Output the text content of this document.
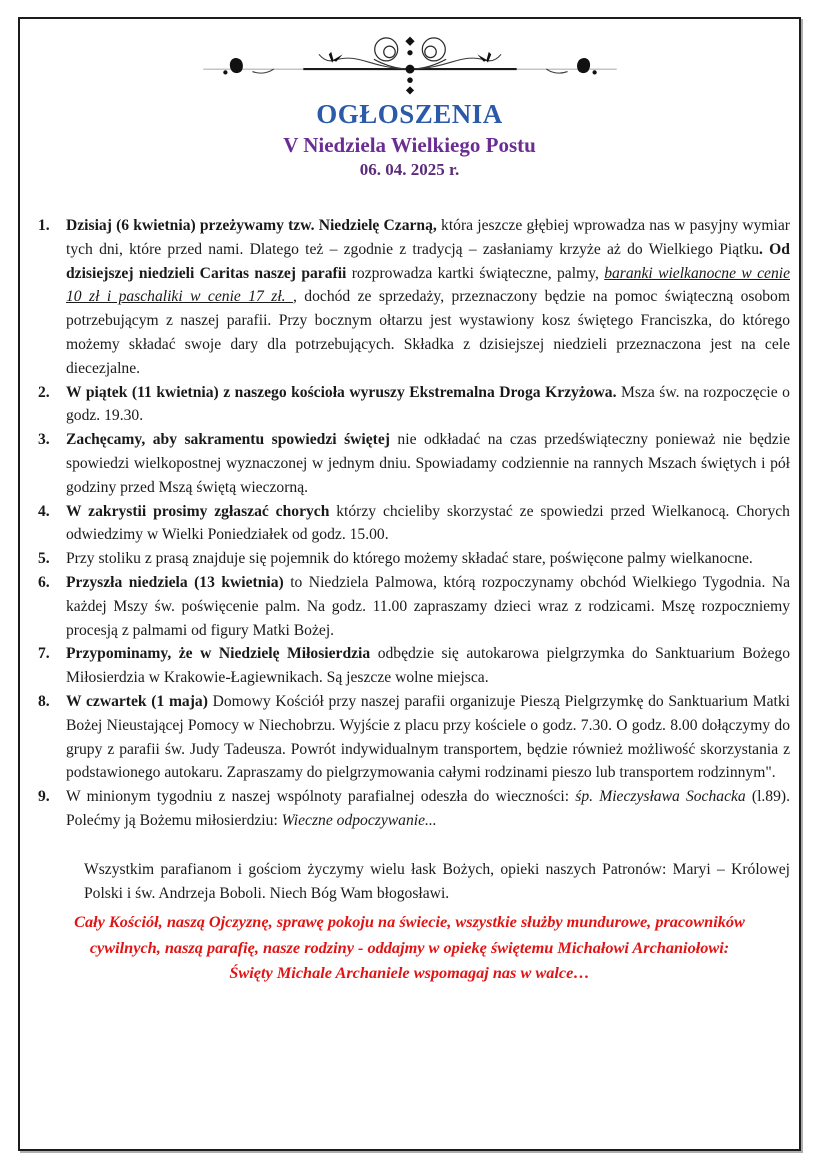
OGŁOSZENIA
V Niedziela Wielkiego Postu
06. 04. 2025 r.
1.	Dzisiaj (6 kwietnia) przeżywamy tzw. Niedzielę Czarną, która jeszcze głębiej wprowadza nas w pasyjny wymiar tych dni, które przed nami. Dlatego też – zgodnie z tradycją – zasłaniamy krzyże aż do Wielkiego Piątku. Od dzisiejszej niedzieli Caritas naszej parafii rozprowadza kartki świąteczne, palmy, baranki wielkanocne w cenie 10 zł i paschaliki w cenie 17 zł. , dochód ze sprzedaży, przeznaczony będzie na pomoc świąteczną osobom potrzebującym z naszej parafii. Przy bocznym ołtarzu jest wystawiony kosz świętego Franciszka, do którego możemy składać swoje dary dla potrzebujących. Składka z dzisiejszej niedzieli przeznaczona jest na cele diecezjalne.
2.	W piątek (11 kwietnia) z naszego kościoła wyruszy Ekstremalna Droga Krzyżowa. Msza św. na rozpoczęcie o godz. 19.30.
3.	Zachęcamy, aby sakramentu spowiedzi świętej nie odkładać na czas przedświąteczny ponieważ nie będzie spowiedzi wielkopostnej wyznaczonej w jednym dniu. Spowiadamy codziennie na rannych Mszach świętych i pół godziny przed Mszą świętą wieczorną.
4.	W zakrystii prosimy zgłaszać chorych którzy chcieliby skorzystać ze spowiedzi przed Wielkanocą. Chorych odwiedzimy w Wielki Poniedziałek od godz. 15.00.
5.	Przy stoliku z prasą znajduje się pojemnik do którego możemy składać stare, poświęcone palmy wielkanocne.
6.	Przyszła niedziela (13 kwietnia) to Niedziela Palmowa, którą rozpoczynamy obchód Wielkiego Tygodnia. Na każdej Mszy św. poświęcenie palm. Na godz. 11.00 zapraszamy dzieci wraz z rodzicami. Mszę rozpoczniemy procesją z palmami od figury Matki Bożej.
7.	Przypominamy, że w Niedzielę Miłosierdzia odbędzie się autokarowa pielgrzymka do Sanktuarium Bożego Miłosierdzia w Krakowie-Łagiewnikach. Są jeszcze wolne miejsca.
8.	W czwartek (1 maja) Domowy Kościół przy naszej parafii organizuje Pieszą Pielgrzymkę do Sanktuarium Matki Bożej Nieustającej Pomocy w Niechobrzu. Wyjście z placu przy kościele o godz. 7.30. O godz. 8.00 dołączymy do grupy z parafii św. Judy Tadeusza. Powrót indywidualnym transportem, będzie również możliwość skorzystania z podstawionego autokaru. Zapraszamy do pielgrzymowania całymi rodzinami pieszo lub transportem rodzinnym".
9.	W minionym tygodniu z naszej wspólnoty parafialnej odeszła do wieczności: śp. Mieczysława Sochacka (l.89). Polećmy ją Bożemu miłosierdziu: Wieczne odpoczywanie...

Wszystkim parafianom i gościom życzymy wielu łask Bożych, opieki naszych Patronów: Maryi – Królowej Polski i św. Andrzeja Boboli. Niech Bóg Wam błogosławi.

Cały Kościół, naszą Ojczyznę, sprawę pokoju na świecie, wszystkie służby mundurowe, pracowników cywilnych, naszą parafię, nasze rodziny - oddajmy w opiekę świętemu Michałowi Archaniołowi:

Święty Michale Archaniele wspomagaj nas w walce…
